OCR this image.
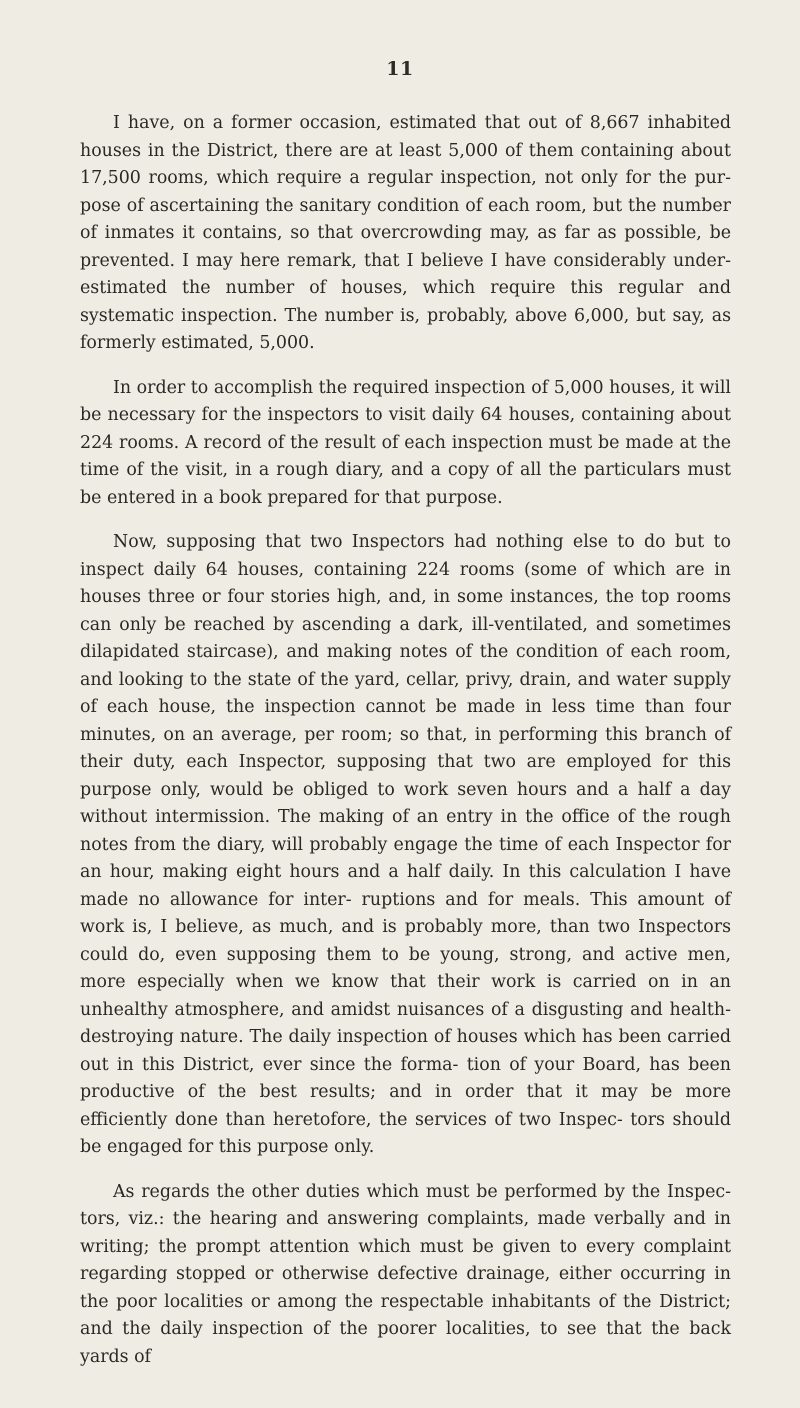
11

I have, on a former occasion, estimated that out of 8,667 inhabited houses in the District, there are at least 5,000 of them containing about 17,500 rooms, which require a regular inspection, not only for the pur- pose of ascertaining the sanitary condition of each room, but the number of inmates it contains, so that overcrowding may, as far as possible, be prevented. I may here remark, that I believe I have considerably under- estimated the number of houses, which require this regular and systematic inspection. The number is, probably, above 6,000, but say, as formerly estimated, 5,000.

In order to accomplish the required inspection of 5,000 houses, it will be necessary for the inspectors to visit daily 64 houses, containing about 224 rooms. A record of the result of each inspection must be made at the time of the visit, in a rough diary, and a copy of all the particulars must be entered in a book prepared for that purpose.

Now, supposing that two Inspectors had nothing else to do but to inspect daily 64 houses, containing 224 rooms (some of which are in houses three or four stories high, and, in some instances, the top rooms can only be reached by ascending a dark, ill-ventilated, and sometimes dilapidated staircase), and making notes of the condition of each room, and looking to the state of the yard, cellar, privy, drain, and water supply of each house, the inspection cannot be made in less time than four minutes, on an average, per room; so that, in performing this branch of their duty, each Inspector, supposing that two are employed for this purpose only, would be obliged to work seven hours and a half a day without intermission. The making of an entry in the office of the rough notes from the diary, will probably engage the time of each Inspector for an hour, making eight hours and a half daily. In this calculation I have made no allowance for inter- ruptions and for meals. This amount of work is, I believe, as much, and is probably more, than two Inspectors could do, even supposing them to be young, strong, and active men, more especially when we know that their work is carried on in an unhealthy atmosphere, and amidst nuisances of a disgusting and health-destroying nature. The daily inspection of houses which has been carried out in this District, ever since the forma- tion of your Board, has been productive of the best results; and in order that it may be more efficiently done than heretofore, the services of two Inspec- tors should be engaged for this purpose only.

As regards the other duties which must be performed by the Inspec- tors, viz.: the hearing and answering complaints, made verbally and in writing; the prompt attention which must be given to every complaint regarding stopped or otherwise defective drainage, either occurring in the poor localities or among the respectable inhabitants of the District; and the daily inspection of the poorer localities, to see that the back yards of
